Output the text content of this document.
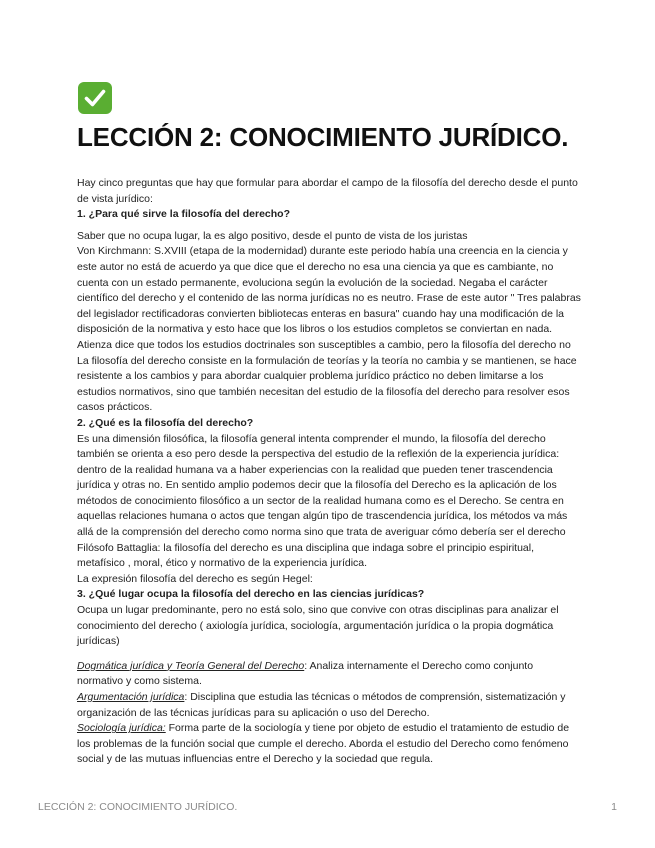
LECCIÓN 2: CONOCIMIENTO JURÍDICO.

Hay cinco preguntas que hay que formular para abordar el campo de la filosofía del derecho desde el punto de vista jurídico:

1. ¿Para qué sirve la filosofía del derecho?

Saber que no ocupa lugar, la es algo positivo, desde el punto de vista de los juristas

Von Kirchmann: S.XVIII (etapa de la modernidad) durante este periodo había una creencia en la ciencia y este autor no está de acuerdo ya que dice que el derecho no esa una ciencia ya que es cambiante, no cuenta con un estado permanente, evoluciona según la evolución de la sociedad. Negaba el carácter científico del derecho y el contenido de las norma jurídicas no es neutro. Frase de este autor " Tres palabras del legislador rectificadoras convierten bibliotecas enteras en basura" cuando hay una modificación de la disposición de la normativa y esto hace que los libros o los estudios completos se conviertan en nada. Atienza dice que todos los estudios doctrinales son susceptibles a cambio, pero la filosofía del derecho no

La filosofía del derecho consiste en la formulación de teorías y la teoría no cambia y se mantienen, se hace resistente a los cambios y para abordar cualquier problema jurídico práctico no deben limitarse a los estudios normativos, sino que también necesitan del estudio de la filosofía del derecho para resolver esos casos prácticos.

2. ¿Qué es la filosofía del derecho?

Es una dimensión filosófica, la filosofía general intenta comprender el mundo, la filosofía del derecho también se orienta a eso pero desde la perspectiva del estudio de la reflexión de la experiencia jurídica: dentro de la realidad humana va a haber experiencias con la realidad que pueden tener trascendencia jurídica y otras no. En sentido amplio podemos decir que la filosofía del Derecho es la aplicación de los métodos de conocimiento filosófico a un sector de la realidad humana como es el Derecho. Se centra en aquellas relaciones humana o actos que tengan algún tipo de trascendencia jurídica, los métodos va más allá de la comprensión del derecho como norma sino que trata de averiguar cómo debería ser el derecho

Filósofo Battaglia: la filosofía del derecho es una disciplina que indaga sobre el principio espiritual, metafísico , moral, ético y normativo de la experiencia jurídica.

La expresión filosofía del derecho es según Hegel:

3. ¿Qué lugar ocupa la filosofía del derecho en las ciencias jurídicas?

Ocupa un lugar predominante, pero no está solo, sino que convive con otras disciplinas para analizar el conocimiento del derecho ( axiología jurídica, sociología, argumentación jurídica o la propia dogmática jurídicas)

Dogmática jurídica y Teoría General del Derecho: Analiza internamente el Derecho como conjunto normativo y como sistema.

Argumentación jurídica: Disciplina que estudia las técnicas o métodos de comprensión, sistematización y organización de las técnicas jurídicas para su aplicación o uso del Derecho.

Sociología jurídica: Forma parte de la sociología y tiene por objeto de estudio el tratamiento de estudio de los problemas de la función social que cumple el derecho. Aborda el estudio del Derecho como fenómeno social y de las mutuas influencias entre el Derecho y la sociedad que regula.

LECCIÓN 2: CONOCIMIENTO JURÍDICO.	1
